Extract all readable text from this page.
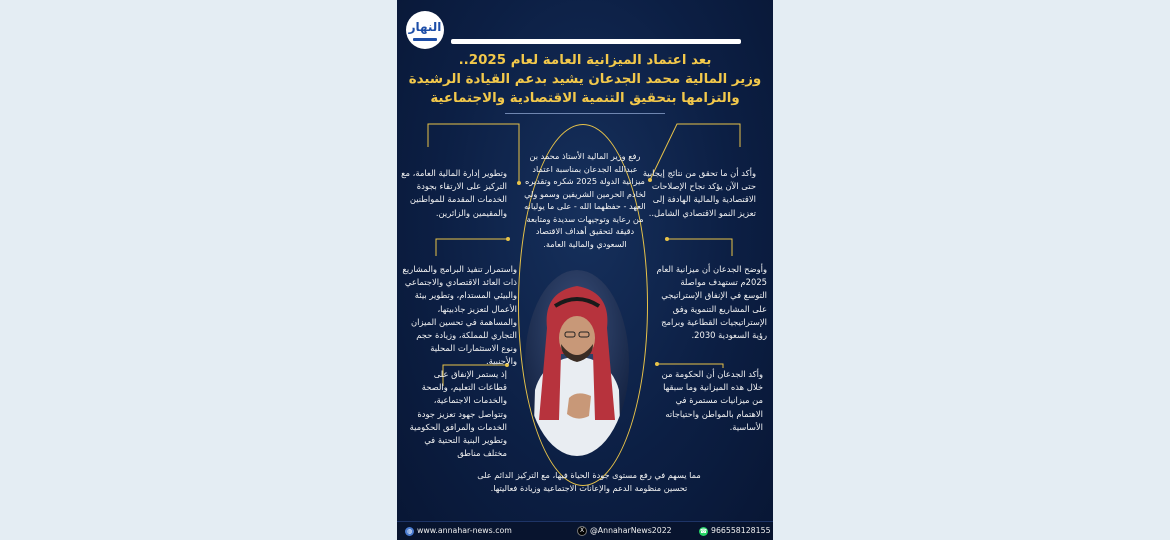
النهار
بعد اعتماد الميزانية العامة لعام 2025..
وزير المالية محمد الجدعان يشيد بدعم القيادة الرشيدة
والتزامها بتحقيق التنمية الاقتصادية والاجتماعية

رفع وزير المالية الأستاذ محمد بن عبدالله الجدعان بمناسبة اعتماد ميزانية الدولة 2025 شكره وتقديره لخادم الحرمين الشريفين وسمو ولي العهد - حفظهما الله - على ما يوليانه من رعاية وتوجيهات سديدة ومتابعة دقيقة لتحقيق أهداف الاقتصاد السعودي والمالية العامة.

وأكد أن ما تحقق من نتائج إيجابية حتى الآن يؤكد نجاح الإصلاحات الاقتصادية والمالية الهادفة إلى تعزيز النمو الاقتصادي الشامل..

وأوضح الجدعان أن ميزانية العام 2025م تستهدف مواصلة التوسع في الإنفاق الإستراتيجي على المشاريع التنموية وفق الإستراتيجيات القطاعية وبرامج رؤية السعودية 2030.

وأكد الجدعان أن الحكومة من خلال هذه الميزانية وما سبقها من ميزانيات مستمرة في الاهتمام بالمواطن واحتياجاته الأساسية.

وتطوير إدارة المالية العامة، مع التركيز على الارتقاء بجودة الخدمات المقدمة للمواطنين والمقيمين والزائرين.

واستمرار تنفيذ البرامج والمشاريع ذات العائد الاقتصادي والاجتماعي والبيئي المستدام، وتطوير بيئة الأعمال لتعزيز جاذبيتها، والمساهمة في تحسين الميزان التجاري للمملكة، وزيادة حجم ونوع الاستثمارات المحلية والأجنبية.

إذ يستمر الإنفاق على قطاعات التعليم، والصحة والخدمات الاجتماعية، وتتواصل جهود تعزيز جودة الخدمات والمرافق الحكومية وتطوير البنية التحتية في مختلف مناطق

مما يسهم في رفع مستوى جودة الحياة فيها، مع التركيز الدائم على تحسين منظومة الدعم والإعانات الاجتماعية وزيادة فعاليتها.

◍ www.annahar-news.com	X @AnnaharNews2022	☎ 966558128155
